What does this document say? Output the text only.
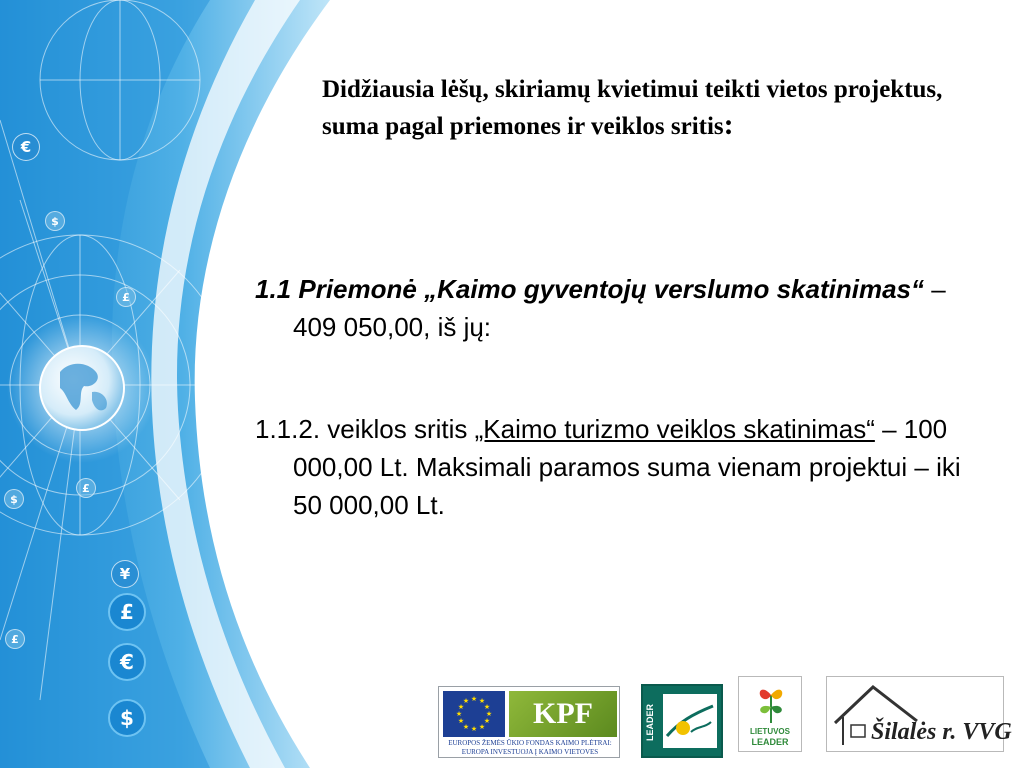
€
$
£
£
$
£
¥
£
€
$
Didžiausia lėšų, skiriamų kvietimui teikti vietos projektus, suma pagal priemones ir veiklos sritis:

1.1 Priemonė „Kaimo gyventojų verslumo skatinimas“ – 409 050,00, iš jų:

1.1.2. veiklos sritis „Kaimo turizmo veiklos skatinimas“ – 100 000,00 Lt. Maksimali paramos suma vienam projektui – iki 50 000,00 Lt.

★ ★
★
★
★
★
★
★
★
★
★
★	KPF
EUROPOS ŽEMĖS ŪKIO FONDAS KAIMO PLĖTRAI:
EUROPA INVESTUOJA Į KAIMO VIETOVES
LEADER	LIETUVOS
LEADER	Šilalės r. VVG
